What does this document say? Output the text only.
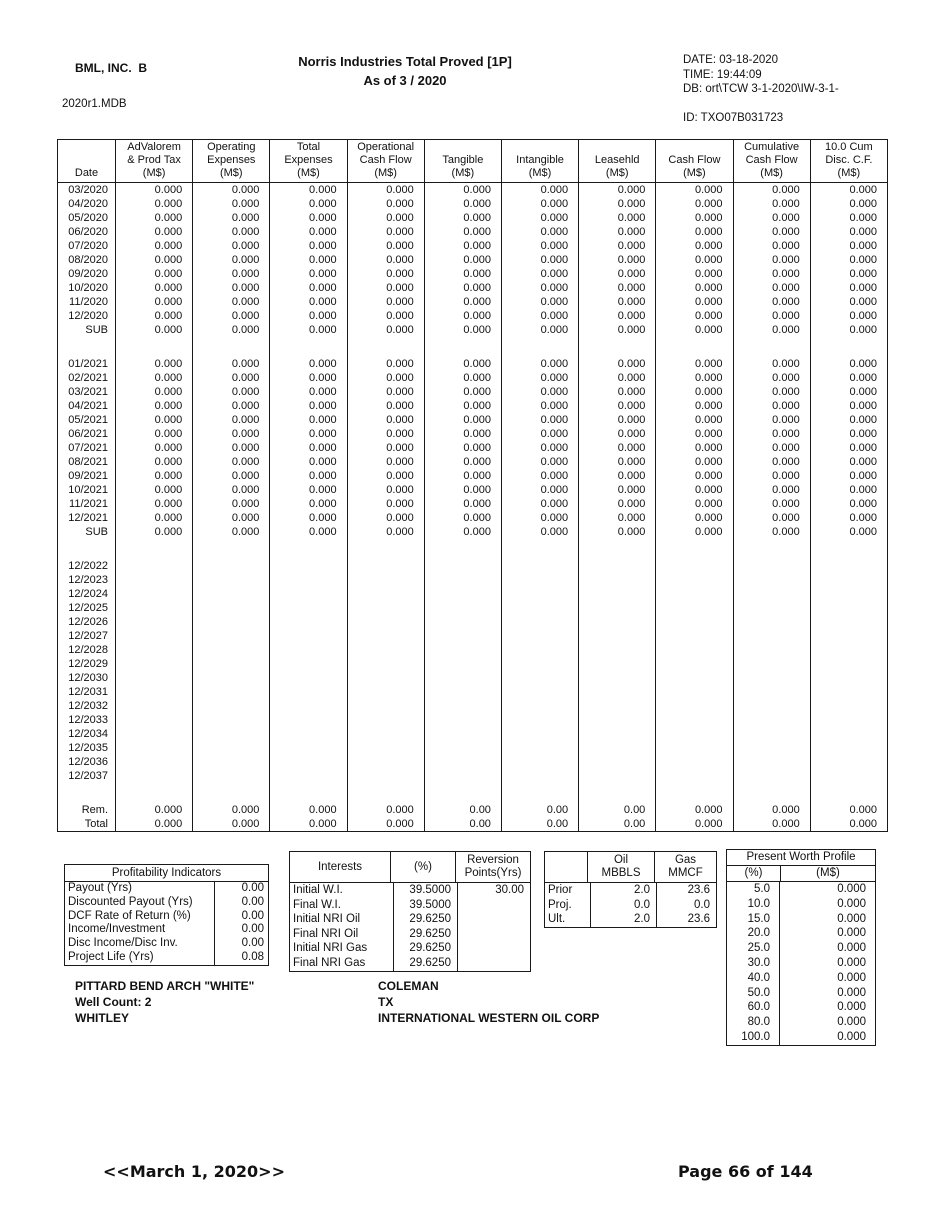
BML, INC.  B
2020r1.MDB
Norris Industries Total Proved [1P]
As of 3 / 2020
DATE: 03-18-2020
TIME: 19:44:09
DB: ort\TCW 3-1-2020\IW-3-1-
ID: TXO07B031723
Date

AdValorem
& Prod Tax
(M$)

Operating
Expenses
(M$)

Total
Expenses
(M$)

Operational
Cash Flow
(M$)

Tangible
(M$)

Intangible
(M$)

Leasehld
(M$)

Cash Flow
(M$)

Cumulative
Cash Flow
(M$)

10.0 Cum
Disc. C.F.
(M$)

03/2020	0.000	0.000	0.000	0.000	0.000	0.000	0.000	0.000	0.000	0.000
04/2020	0.000	0.000	0.000	0.000	0.000	0.000	0.000	0.000	0.000	0.000
05/2020	0.000	0.000	0.000	0.000	0.000	0.000	0.000	0.000	0.000	0.000
06/2020	0.000	0.000	0.000	0.000	0.000	0.000	0.000	0.000	0.000	0.000
07/2020	0.000	0.000	0.000	0.000	0.000	0.000	0.000	0.000	0.000	0.000
08/2020	0.000	0.000	0.000	0.000	0.000	0.000	0.000	0.000	0.000	0.000
09/2020	0.000	0.000	0.000	0.000	0.000	0.000	0.000	0.000	0.000	0.000
10/2020	0.000	0.000	0.000	0.000	0.000	0.000	0.000	0.000	0.000	0.000
11/2020	0.000	0.000	0.000	0.000	0.000	0.000	0.000	0.000	0.000	0.000
12/2020	0.000	0.000	0.000	0.000	0.000	0.000	0.000	0.000	0.000	0.000
SUB	0.000	0.000	0.000	0.000	0.000	0.000	0.000	0.000	0.000	0.000

01/2021	0.000	0.000	0.000	0.000	0.000	0.000	0.000	0.000	0.000	0.000
02/2021	0.000	0.000	0.000	0.000	0.000	0.000	0.000	0.000	0.000	0.000
03/2021	0.000	0.000	0.000	0.000	0.000	0.000	0.000	0.000	0.000	0.000
04/2021	0.000	0.000	0.000	0.000	0.000	0.000	0.000	0.000	0.000	0.000
05/2021	0.000	0.000	0.000	0.000	0.000	0.000	0.000	0.000	0.000	0.000
06/2021	0.000	0.000	0.000	0.000	0.000	0.000	0.000	0.000	0.000	0.000
07/2021	0.000	0.000	0.000	0.000	0.000	0.000	0.000	0.000	0.000	0.000
08/2021	0.000	0.000	0.000	0.000	0.000	0.000	0.000	0.000	0.000	0.000
09/2021	0.000	0.000	0.000	0.000	0.000	0.000	0.000	0.000	0.000	0.000
10/2021	0.000	0.000	0.000	0.000	0.000	0.000	0.000	0.000	0.000	0.000
11/2021	0.000	0.000	0.000	0.000	0.000	0.000	0.000	0.000	0.000	0.000
12/2021	0.000	0.000	0.000	0.000	0.000	0.000	0.000	0.000	0.000	0.000
SUB	0.000	0.000	0.000	0.000	0.000	0.000	0.000	0.000	0.000	0.000

12/2022										
12/2023										
12/2024										
12/2025										
12/2026										
12/2027										
12/2028										
12/2029										
12/2030										
12/2031										
12/2032										
12/2033										
12/2034										
12/2035										
12/2036										
12/2037										

Rem.	0.000	0.000	0.000	0.000	0.00	0.00	0.00	0.000	0.000	0.000
Total	0.000	0.000	0.000	0.000	0.00	0.00	0.00	0.000	0.000	0.000
Profitability Indicators
Payout (Yrs)	0.00
Discounted Payout (Yrs)	0.00
DCF Rate of Return (%)	0.00
Income/Investment	0.00
Disc Income/Disc Inv.	0.00
Project Life (Yrs)	0.08
Interests	(%)
Reversion
Points(Yrs)
Initial W.I.	39.5000	30.00
Final W.I.	39.5000
Initial NRI Oil	29.6250
Final NRI Oil	29.6250
Initial NRI Gas	29.6250
Final NRI Gas	29.6250
Oil
MBBLS
Gas
MMCF
Prior	2.0	23.6
Proj.	0.0	0.0
Ult.	2.0	23.6
Present Worth Profile
(%)	(M$)
5.0	0.000
10.0	0.000
15.0	0.000
20.0	0.000
25.0	0.000
30.0	0.000
40.0	0.000
50.0	0.000
60.0	0.000
80.0	0.000
100.0	0.000
PITTARD BEND ARCH "WHITE"
Well Count: 2
WHITLEY
COLEMAN
TX
INTERNATIONAL WESTERN OIL CORP
<<March 1, 2020>>	Page 66 of 144
